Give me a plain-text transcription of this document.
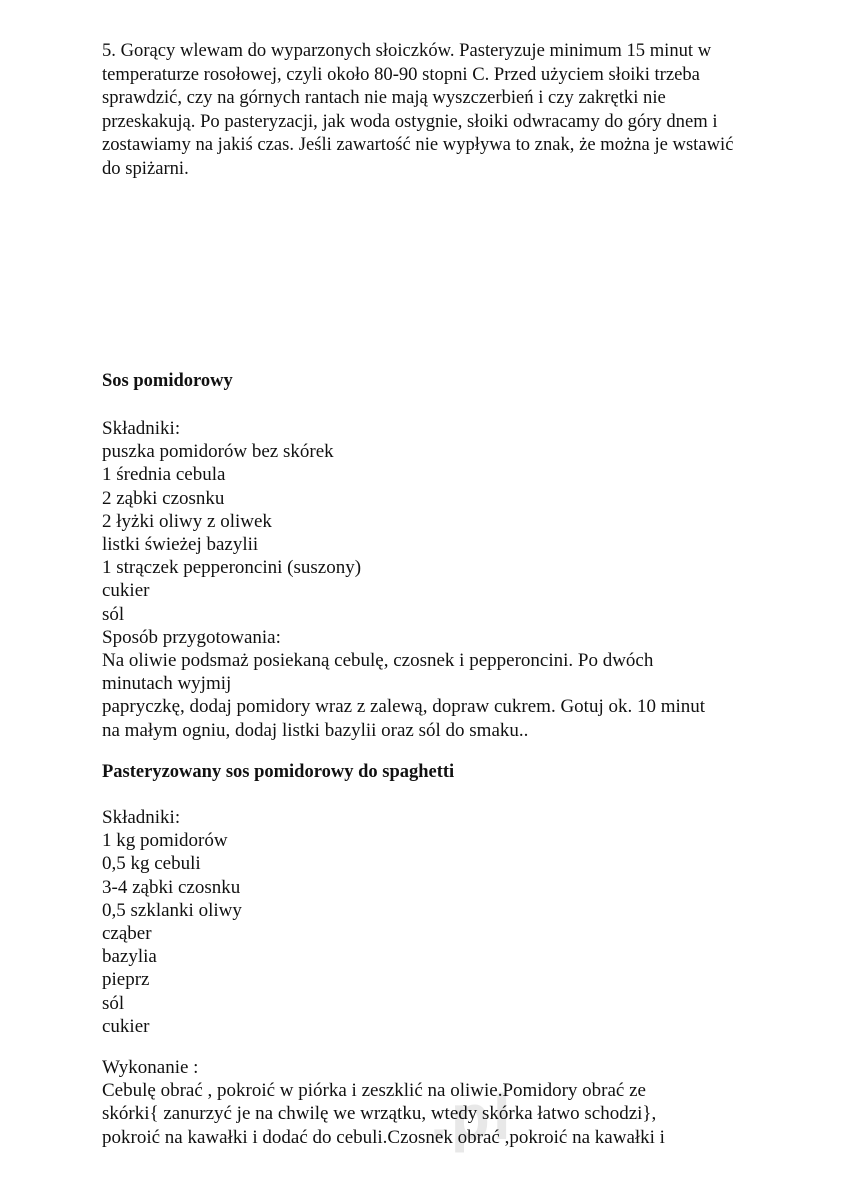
.pl

5. Gorący wlewam do wyparzonych słoiczków. Pasteryzuje minimum 15 minut w temperaturze rosołowej, czyli około 80-90 stopni C. Przed użyciem słoiki trzeba sprawdzić, czy na górnych rantach nie mają wyszczerbień i czy zakrętki nie przeskakują. Po pasteryzacji, jak woda ostygnie, słoiki odwracamy do góry dnem i zostawiamy na jakiś czas. Jeśli zawartość nie wypływa to znak, że można je wstawić do spiżarni.

Sos pomidorowy
Składniki:
puszka pomidorów bez skórek
1 średnia cebula
2 ząbki czosnku
2 łyżki oliwy z oliwek
listki świeżej bazylii
1 strączek pepperoncini (suszony)
cukier
sól
Sposób przygotowania:
Na oliwie podsmaż posiekaną cebulę, czosnek i pepperoncini. Po dwóch
minutach wyjmij
papryczkę, dodaj pomidory wraz z zalewą, dopraw cukrem. Gotuj ok. 10 minut
na małym ogniu, dodaj listki bazylii oraz sól do smaku..
Pasteryzowany sos pomidorowy do spaghetti
Składniki:
1 kg pomidorów
0,5 kg cebuli
3-4 ząbki czosnku
0,5 szklanki oliwy
cząber
bazylia
pieprz
sól
cukier
Wykonanie :
Cebulę obrać , pokroić w piórka i zeszklić na oliwie.Pomidory obrać ze
skórki{ zanurzyć je na chwilę we wrzątku, wtedy skórka łatwo schodzi},
pokroić na kawałki i dodać do cebuli.Czosnek obrać ,pokroić na kawałki i
